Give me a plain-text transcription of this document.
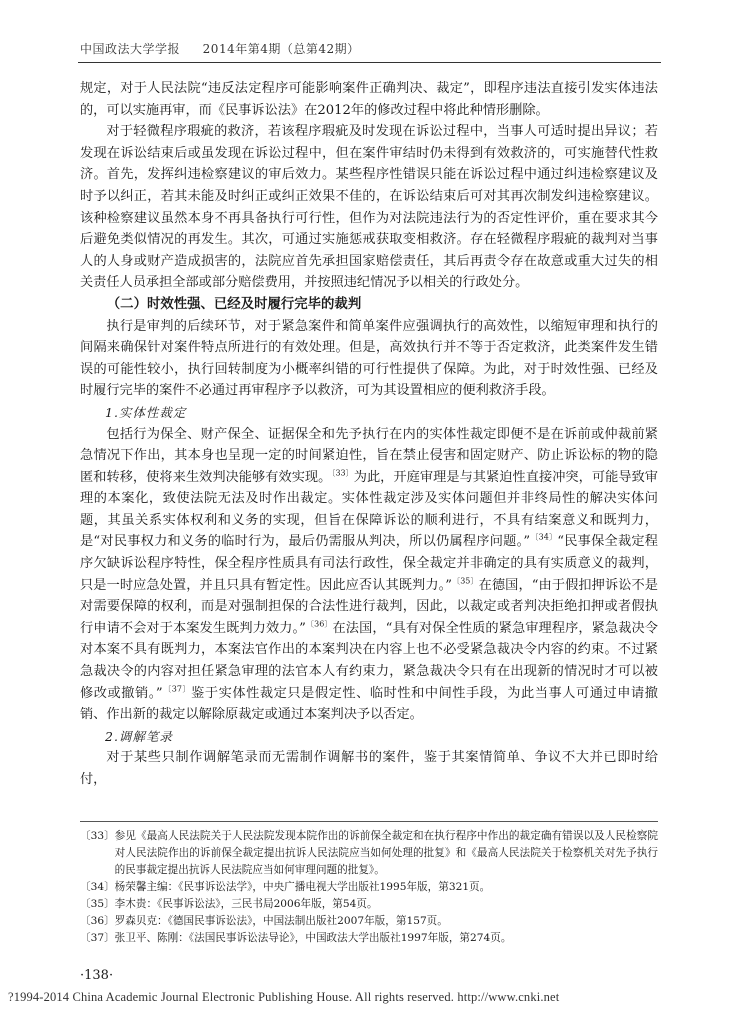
中国政法大学学报 2014年第4期（总第42期）

规定，对于人民法院“违反法定程序可能影响案件正确判决、裁定”，即程序违法直接引发实体违法的，可以实施再审，而《民事诉讼法》在2012年的修改过程中将此种情形删除。

对于轻微程序瑕疵的救济，若该程序瑕疵及时发现在诉讼过程中，当事人可适时提出异议；若发现在诉讼结束后或虽发现在诉讼过程中，但在案件审结时仍未得到有效救济的，可实施替代性救济。首先，发挥纠违检察建议的审后效力。某些程序性错误只能在诉讼过程中通过纠违检察建议及时予以纠正，若其未能及时纠正或纠正效果不佳的，在诉讼结束后可对其再次制发纠违检察建议。该种检察建议虽然本身不再具备执行可行性，但作为对法院违法行为的否定性评价，重在要求其今后避免类似情况的再发生。其次，可通过实施惩戒获取变相救济。存在轻微程序瑕疵的裁判对当事人的人身或财产造成损害的，法院应首先承担国家赔偿责任，其后再责令存在故意或重大过失的相关责任人员承担全部或部分赔偿费用，并按照违纪情况予以相关的行政处分。

（二）时效性强、已经及时履行完毕的裁判

执行是审判的后续环节，对于紧急案件和简单案件应强调执行的高效性，以缩短审理和执行的间隔来确保针对案件特点所进行的有效处理。但是，高效执行并不等于否定救济，此类案件发生错误的可能性较小，执行回转制度为小概率纠错的可行性提供了保障。为此，对于时效性强、已经及时履行完毕的案件不必通过再审程序予以救济，可为其设置相应的便利救济手段。

1.实体性裁定

包括行为保全、财产保全、证据保全和先予执行在内的实体性裁定即便不是在诉前或仲裁前紧急情况下作出，其本身也呈现一定的时间紧迫性，旨在禁止侵害和固定财产、防止诉讼标的物的隐匿和转移，使将来生效判决能够有效实现。$^{〔33〕}$为此，开庭审理是与其紧迫性直接冲突，可能导致审理的本案化，致使法院无法及时作出裁定。实体性裁定涉及实体问题但并非终局性的解决实体问题，其虽关系实体权利和义务的实现，但旨在保障诉讼的顺利进行，不具有结案意义和既判力，是“对民事权力和义务的临时行为，最后仍需服从判决，所以仍属程序问题。”$^{〔34〕}$“民事保全裁定程序欠缺诉讼程序特性，保全程序性质具有司法行政性，保全裁定并非确定的具有实质意义的裁判，只是一时应急处置，并且只具有暂定性。因此应否认其既判力。”$^{〔35〕}$在德国，“由于假扣押诉讼不是对需要保障的权利，而是对强制担保的合法性进行裁判，因此，以裁定或者判决拒绝扣押或者假执行申请不会对于本案发生既判力效力。”$^{〔36〕}$在法国，“具有对保全性质的紧急审理程序，紧急裁决令对本案不具有既判力，本案法官作出的本案判决在内容上也不必受紧急裁决令内容的约束。不过紧急裁决令的内容对担任紧急审理的法官本人有约束力，紧急裁决令只有在出现新的情况时才可以被修改或撤销。”$^{〔37〕}$鉴于实体性裁定只是假定性、临时性和中间性手段，为此当事人可通过申请撤销、作出新的裁定以解除原裁定或通过本案判决予以否定。

2.调解笔录

对于某些只制作调解笔录而无需制作调解书的案件，鉴于其案情简单、争议不大并已即时给付，

〔33〕 参见《最高人民法院关于人民法院发现本院作出的诉前保全裁定和在执行程序中作出的裁定确有错误以及人民检察院对人民法院作出的诉前保全裁定提出抗诉人民法院应当如何处理的批复》和《最高人民法院关于检察机关对先予执行的民事裁定提出抗诉人民法院应当如何审理问题的批复》。
〔34〕 杨荣馨主编：《民事诉讼法学》，中央广播电视大学出版社1995年版，第321页。
〔35〕 李木贵：《民事诉讼法》，三民书局2006年版，第54页。
〔36〕 罗森贝克：《德国民事诉讼法》，中国法制出版社2007年版，第157页。
〔37〕 张卫平、陈刚：《法国民事诉讼法导论》，中国政法大学出版社1997年版，第274页。
·138·
?1994-2014 China Academic Journal Electronic Publishing House. All rights reserved. http://www.cnki.net
